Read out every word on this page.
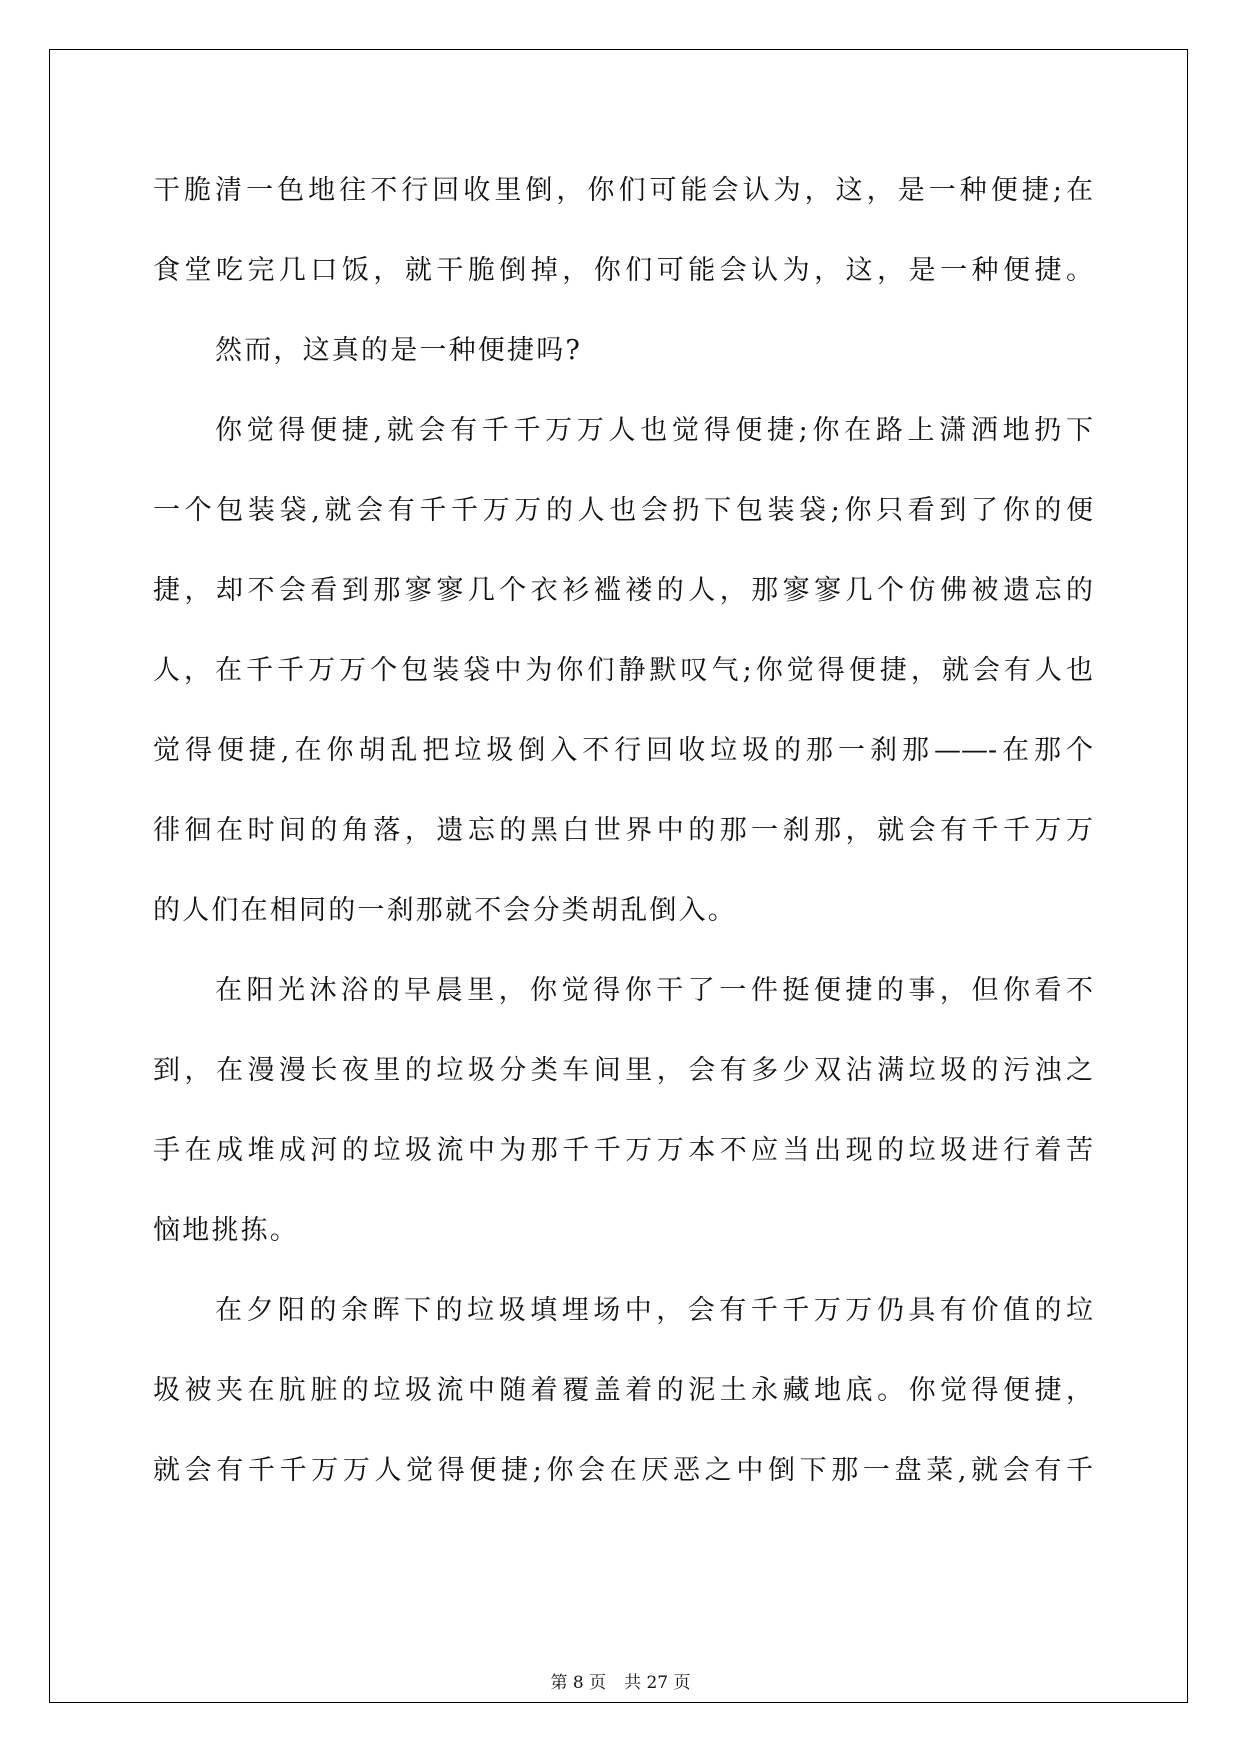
干脆清一色地往不行回收里倒，你们可能会认为，这，是一种便捷;在
食堂吃完几口饭，就干脆倒掉，你们可能会认为，这，是一种便捷。
然而，这真的是一种便捷吗?
你觉得便捷,就会有千千万万人也觉得便捷;你在路上潇洒地扔下
一个包装袋,就会有千千万万的人也会扔下包装袋;你只看到了你的便
捷，却不会看到那寥寥几个衣衫褴褛的人，那寥寥几个仿佛被遗忘的
人，在千千万万个包装袋中为你们静默叹气;你觉得便捷，就会有人也
觉得便捷,在你胡乱把垃圾倒入不行回收垃圾的那一刹那——-在那个
徘徊在时间的角落，遗忘的黑白世界中的那一刹那，就会有千千万万
的人们在相同的一刹那就不会分类胡乱倒入。
在阳光沐浴的早晨里，你觉得你干了一件挺便捷的事，但你看不
到，在漫漫长夜里的垃圾分类车间里，会有多少双沾满垃圾的污浊之
手在成堆成河的垃圾流中为那千千万万本不应当出现的垃圾进行着苦
恼地挑拣。
在夕阳的余晖下的垃圾填埋场中，会有千千万万仍具有价值的垃
圾被夹在肮脏的垃圾流中随着覆盖着的泥土永藏地底。你觉得便捷，
就会有千千万万人觉得便捷;你会在厌恶之中倒下那一盘菜,就会有千
第 8 页 共 27 页
